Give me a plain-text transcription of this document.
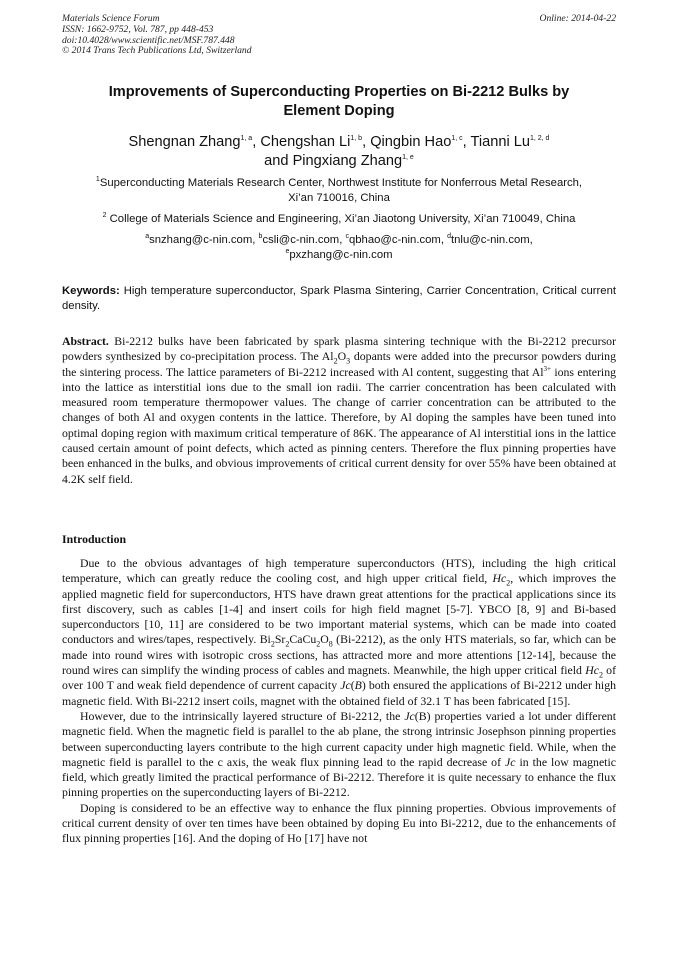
Materials Science Forum
ISSN: 1662-9752, Vol. 787, pp 448-453
doi:10.4028/www.scientific.net/MSF.787.448
© 2014 Trans Tech Publications Ltd, Switzerland
Online: 2014-04-22
Improvements of Superconducting Properties on Bi-2212 Bulks by
Element Doping
Shengnan Zhang$^{1, a}$, Chengshan Li$^{1, b}$, Qingbin Hao$^{1, c}$, Tianni Lu$^{1, 2, d}$
and Pingxiang Zhang$^{1, e}$
$^1$Superconducting Materials Research Center, Northwest Institute for Nonferrous Metal Research,
Xi’an 710016, China
$^2$ College of Materials Science and Engineering, Xi’an Jiaotong University, Xi’an 710049, China
$^a$snzhang@c-nin.com, $^b$csli@c-nin.com, $^c$qbhao@c-nin.com, $^d$tnlu@c-nin.com,
$^e$pxzhang@c-nin.com
Keywords: High temperature superconductor, Spark Plasma Sintering, Carrier Concentration, Critical current density.
Abstract. Bi-2212 bulks have been fabricated by spark plasma sintering technique with the Bi-2212 precursor powders synthesized by co-precipitation process. The $Al_2O_3$ dopants were added into the precursor powders during the sintering process. The lattice parameters of Bi-2212 increased with Al content, suggesting that $Al^{3+}$ ions entering into the lattice as interstitial ions due to the small ion radii. The carrier concentration has been calculated with measured room temperature thermopower values. The change of carrier concentration can be attributed to the changes of both Al and oxygen contents in the lattice. Therefore, by Al doping the samples have been tuned into optimal doping region with maximum critical temperature of 86K. The appearance of Al interstitial ions in the lattice caused certain amount of point defects, which acted as pinning centers. Therefore the flux pinning properties have been enhanced in the bulks, and obvious improvements of critical current density for over 55% have been obtained at 4.2K self field.
Introduction

Due to the obvious advantages of high temperature superconductors (HTS), including the high critical temperature, which can greatly reduce the cooling cost, and high upper critical field, $Hc_2$, which improves the applied magnetic field for superconductors, HTS have drawn great attentions for the practical applications since its first discovery, such as cables [1-4] and insert coils for high field magnet [5-7]. YBCO [8, 9] and Bi-based superconductors [10, 11] are considered to be two important material systems, which can be made into coated conductors and wires/tapes, respectively. $Bi_2Sr_2CaCu_2O_8$ (Bi-2212), as the only HTS materials, so far, which can be made into round wires with isotropic cross sections, has attracted more and more attentions [12-14], because the round wires can simplify the winding process of cables and magnets. Meanwhile, the high upper critical field $Hc_2$ of over 100 T and weak field dependence of current capacity Jc(B) both ensured the applications of Bi-2212 under high magnetic field. With Bi-2212 insert coils, magnet with the obtained field of 32.1 T has been fabricated [15].

However, due to the intrinsically layered structure of Bi-2212, the Jc(B) properties varied a lot under different magnetic field. When the magnetic field is parallel to the ab plane, the strong intrinsic Josephson pinning properties between superconducting layers contribute to the high current capacity under high magnetic field. While, when the magnetic field is parallel to the c axis, the weak flux pinning lead to the rapid decrease of Jc in the low magnetic field, which greatly limited the practical performance of Bi-2212. Therefore it is quite necessary to enhance the flux pinning properties on the superconducting layers of Bi-2212.

Doping is considered to be an effective way to enhance the flux pinning properties. Obvious improvements of critical current density of over ten times have been obtained by doping Eu into Bi-2212, due to the enhancements of flux pinning properties [16]. And the doping of Ho [17] have not
